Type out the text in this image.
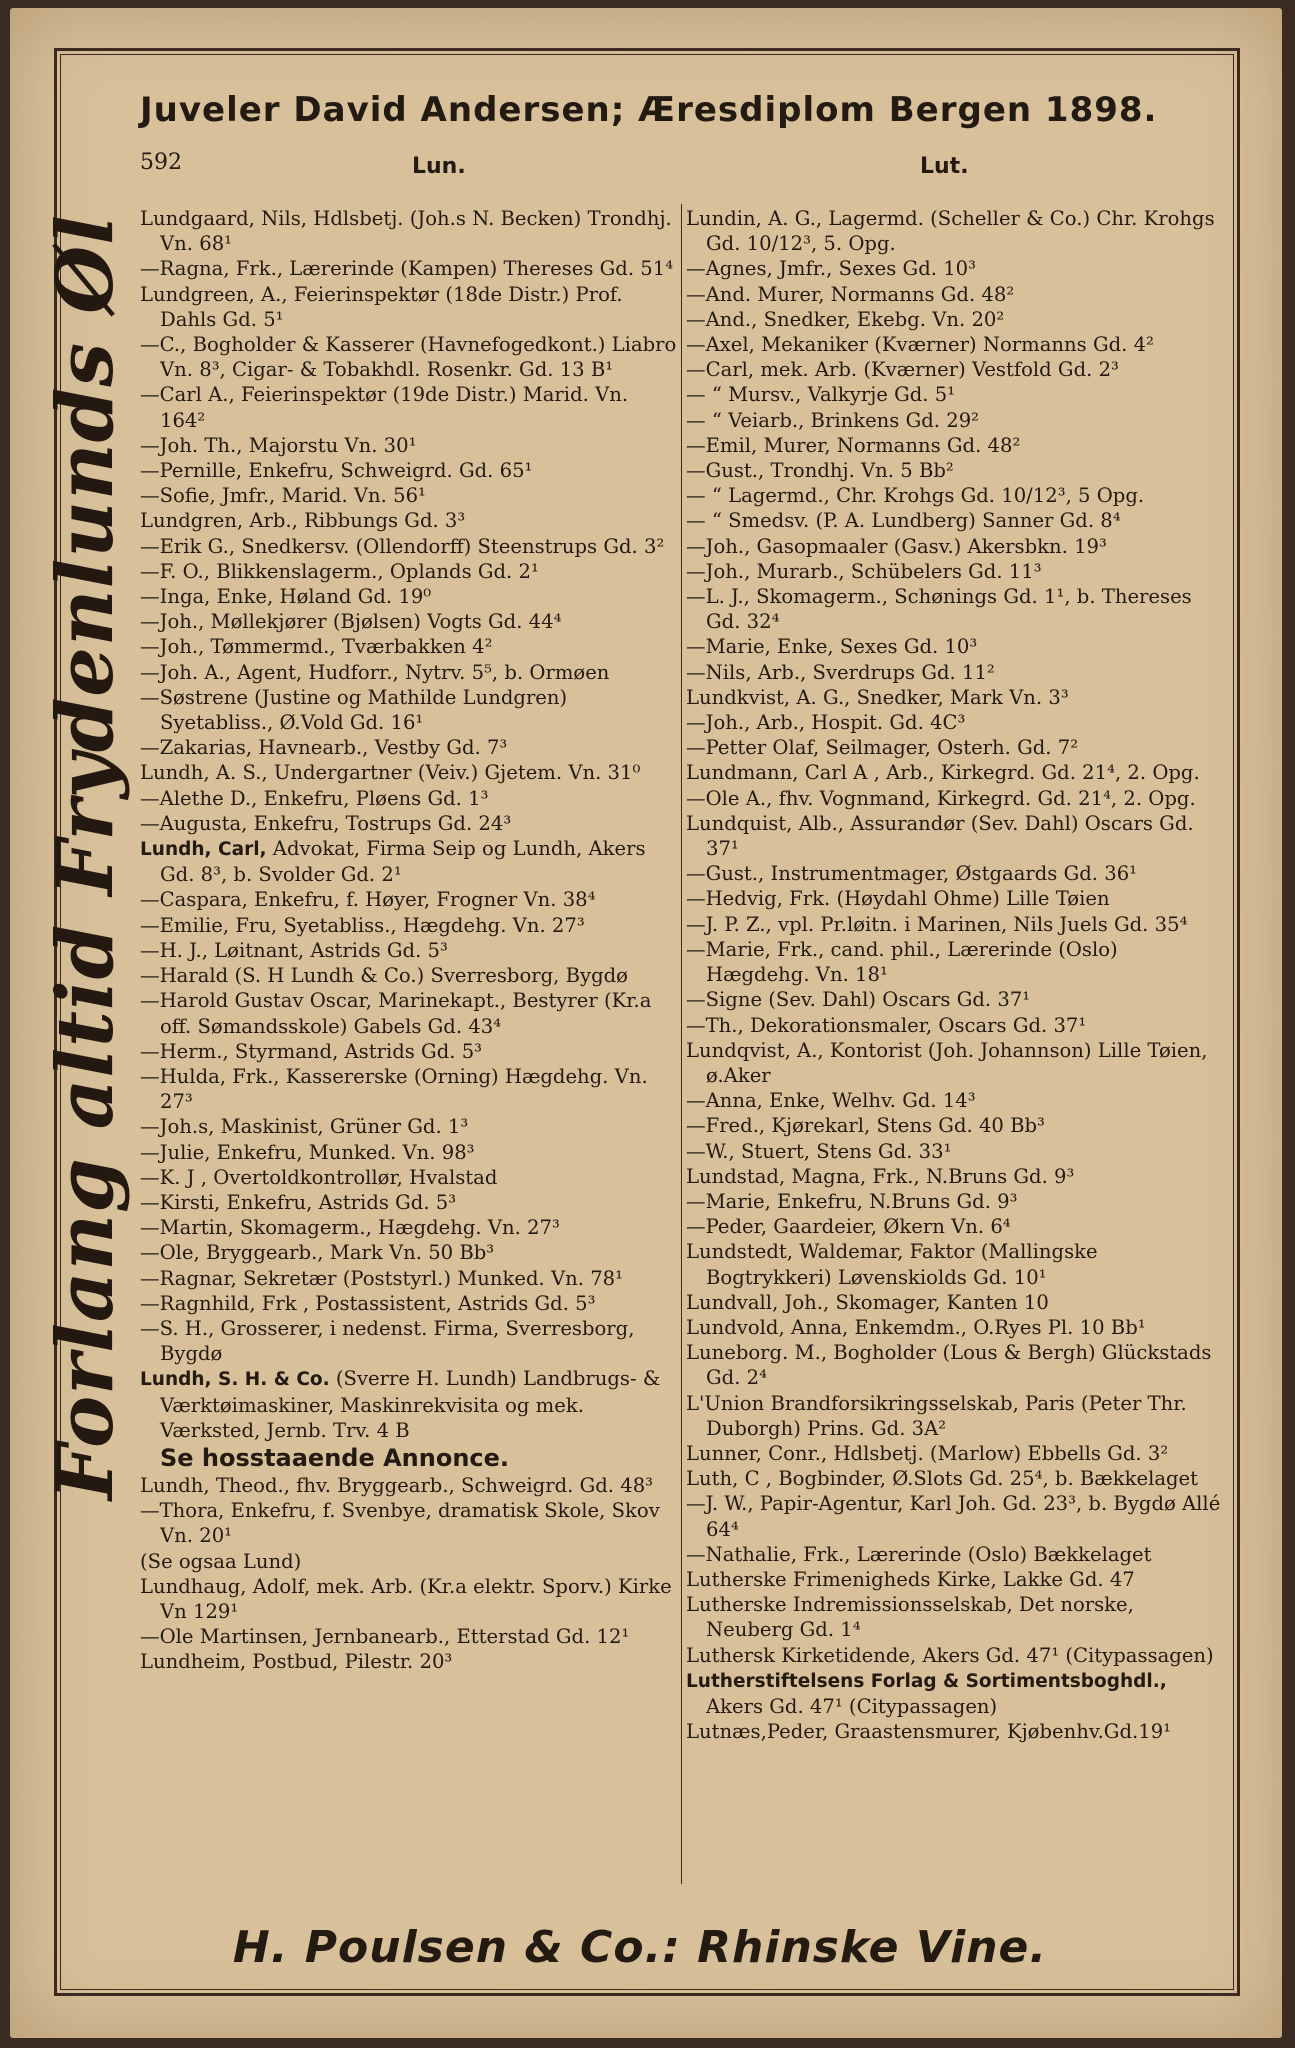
Juveler David Andersen; Æresdiplom Bergen 1898.
592	Lun.	Lut.
Forlang altid Frydenlunds Øl Lundgaard, Nils, Hdlsbetj. (Joh.s N. Becken) Trondhj. Vn. 68¹
—Ragna, Frk., Lærerinde (Kampen) Thereses Gd. 51⁴
Lundgreen, A., Feierinspektør (18de Distr.) Prof. Dahls Gd. 5¹
—C., Bogholder & Kasserer (Havnefogedkont.) Liabro Vn. 8³, Cigar- & Tobakhdl. Rosenkr. Gd. 13 B¹
—Carl A., Feierinspektør (19de Distr.) Marid. Vn. 164²
—Joh. Th., Majorstu Vn. 30¹
—Pernille, Enkefru, Schweigrd. Gd. 65¹
—Sofie, Jmfr., Marid. Vn. 56¹
Lundgren, Arb., Ribbungs Gd. 3³
—Erik G., Snedkersv. (Ollendorff) Steenstrups Gd. 3²
—F. O., Blikkenslagerm., Oplands Gd. 2¹
—Inga, Enke, Høland Gd. 19⁰
—Joh., Møllekjører (Bjølsen) Vogts Gd. 44⁴
—Joh., Tømmermd., Tværbakken 4²
—Joh. A., Agent, Hudforr., Nytrv. 5⁵, b. Ormøen
—Søstrene (Justine og Mathilde Lundgren) Syetabliss., Ø.Vold Gd. 16¹
—Zakarias, Havnearb., Vestby Gd. 7³
Lundh, A. S., Undergartner (Veiv.) Gjetem. Vn. 31⁰
—Alethe D., Enkefru, Pløens Gd. 1³
—Augusta, Enkefru, Tostrups Gd. 24³
Lundh, Carl, Advokat, Firma Seip og Lundh, Akers Gd. 8³, b. Svolder Gd. 2¹
—Caspara, Enkefru, f. Høyer, Frogner Vn. 38⁴
—Emilie, Fru, Syetabliss., Hægdehg. Vn. 27³
—H. J., Løitnant, Astrids Gd. 5³
—Harald (S. H Lundh & Co.) Sverresborg, Bygdø
—Harold Gustav Oscar, Marinekapt., Bestyrer (Kr.a off. Sømandsskole) Gabels Gd. 43⁴
—Herm., Styrmand, Astrids Gd. 5³
—Hulda, Frk., Kassererske (Orning) Hægdehg. Vn. 27³
—Joh.s, Maskinist, Grüner Gd. 1³
—Julie, Enkefru, Munked. Vn. 98³
—K. J , Overtoldkontrollør, Hvalstad
—Kirsti, Enkefru, Astrids Gd. 5³
—Martin, Skomagerm., Hægdehg. Vn. 27³
—Ole, Bryggearb., Mark Vn. 50 Bb³
—Ragnar, Sekretær (Poststyrl.) Munked. Vn. 78¹
—Ragnhild, Frk , Postassistent, Astrids Gd. 5³
—S. H., Grosserer, i nedenst. Firma, Sverresborg, Bygdø
Lundh, S. H. & Co. (Sverre H. Lundh) Landbrugs- & Værktøimaskiner, Maskinrekvisita og mek. Værksted, Jernb. Trv. 4 B
Se hosstaaende Annonce.
Lundh, Theod., fhv. Bryggearb., Schweigrd. Gd. 48³
—Thora, Enkefru, f. Svenbye, dramatisk Skole, Skov Vn. 20¹
(Se ogsaa Lund)
Lundhaug, Adolf, mek. Arb. (Kr.a elektr. Sporv.) Kirke Vn 129¹
—Ole Martinsen, Jernbanearb., Etterstad Gd. 12¹
Lundheim, Postbud, Pilestr. 20³
Lundin, A. G., Lagermd. (Scheller & Co.) Chr. Krohgs Gd. 10/12³, 5. Opg.
—Agnes, Jmfr., Sexes Gd. 10³
—And. Murer, Normanns Gd. 48²
—And., Snedker, Ekebg. Vn. 20²
—Axel, Mekaniker (Kværner) Normanns Gd. 4²
—Carl, mek. Arb. (Kværner) Vestfold Gd. 2³
— “ Mursv., Valkyrje Gd. 5¹
— “ Veiarb., Brinkens Gd. 29²
—Emil, Murer, Normanns Gd. 48²
—Gust., Trondhj. Vn. 5 Bb²
— “ Lagermd., Chr. Krohgs Gd. 10/12³, 5 Opg.
— “ Smedsv. (P. A. Lundberg) Sanner Gd. 8⁴
—Joh., Gasopmaaler (Gasv.) Akersbkn. 19³
—Joh., Murarb., Schübelers Gd. 11³
—L. J., Skomagerm., Schønings Gd. 1¹, b. Thereses Gd. 32⁴
—Marie, Enke, Sexes Gd. 10³
—Nils, Arb., Sverdrups Gd. 11²
Lundkvist, A. G., Snedker, Mark Vn. 3³
—Joh., Arb., Hospit. Gd. 4C³
—Petter Olaf, Seilmager, Osterh. Gd. 7²
Lundmann, Carl A , Arb., Kirkegrd. Gd. 21⁴, 2. Opg.
—Ole A., fhv. Vognmand, Kirkegrd. Gd. 21⁴, 2. Opg.
Lundquist, Alb., Assurandør (Sev. Dahl) Oscars Gd. 37¹
—Gust., Instrumentmager, Østgaards Gd. 36¹
—Hedvig, Frk. (Høydahl Ohme) Lille Tøien
—J. P. Z., vpl. Pr.løitn. i Marinen, Nils Juels Gd. 35⁴
—Marie, Frk., cand. phil., Lærerinde (Oslo) Hægdehg. Vn. 18¹
—Signe (Sev. Dahl) Oscars Gd. 37¹
—Th., Dekorationsmaler, Oscars Gd. 37¹
Lundqvist, A., Kontorist (Joh. Johannson) Lille Tøien, ø.Aker
—Anna, Enke, Welhv. Gd. 14³
—Fred., Kjørekarl, Stens Gd. 40 Bb³
—W., Stuert, Stens Gd. 33¹
Lundstad, Magna, Frk., N.Bruns Gd. 9³
—Marie, Enkefru, N.Bruns Gd. 9³
—Peder, Gaardeier, Økern Vn. 6⁴
Lundstedt, Waldemar, Faktor (Mallingske Bogtrykkeri) Løvenskiolds Gd. 10¹
Lundvall, Joh., Skomager, Kanten 10
Lundvold, Anna, Enkemdm., O.Ryes Pl. 10 Bb¹
Luneborg. M., Bogholder (Lous & Bergh) Glückstads Gd. 2⁴
L'Union Brandforsikringsselskab, Paris (Peter Thr. Duborgh) Prins. Gd. 3A²
Lunner, Conr., Hdlsbetj. (Marlow) Ebbells Gd. 3²
Luth, C , Bogbinder, Ø.Slots Gd. 25⁴, b. Bækkelaget
—J. W., Papir-Agentur, Karl Joh. Gd. 23³, b. Bygdø Allé 64⁴
—Nathalie, Frk., Lærerinde (Oslo) Bækkelaget
Lutherske Frimenigheds Kirke, Lakke Gd. 47
Lutherske Indremissionsselskab, Det norske, Neuberg Gd. 1⁴
Luthersk Kirketidende, Akers Gd. 47¹ (Citypassagen)
Lutherstiftelsens Forlag & Sortimentsboghdl., Akers Gd. 47¹ (Citypassagen)
Lutnæs,Peder, Graastensmurer, Kjøbenhv.Gd.19¹
H. Poulsen & Co.: Rhinske Vine.
